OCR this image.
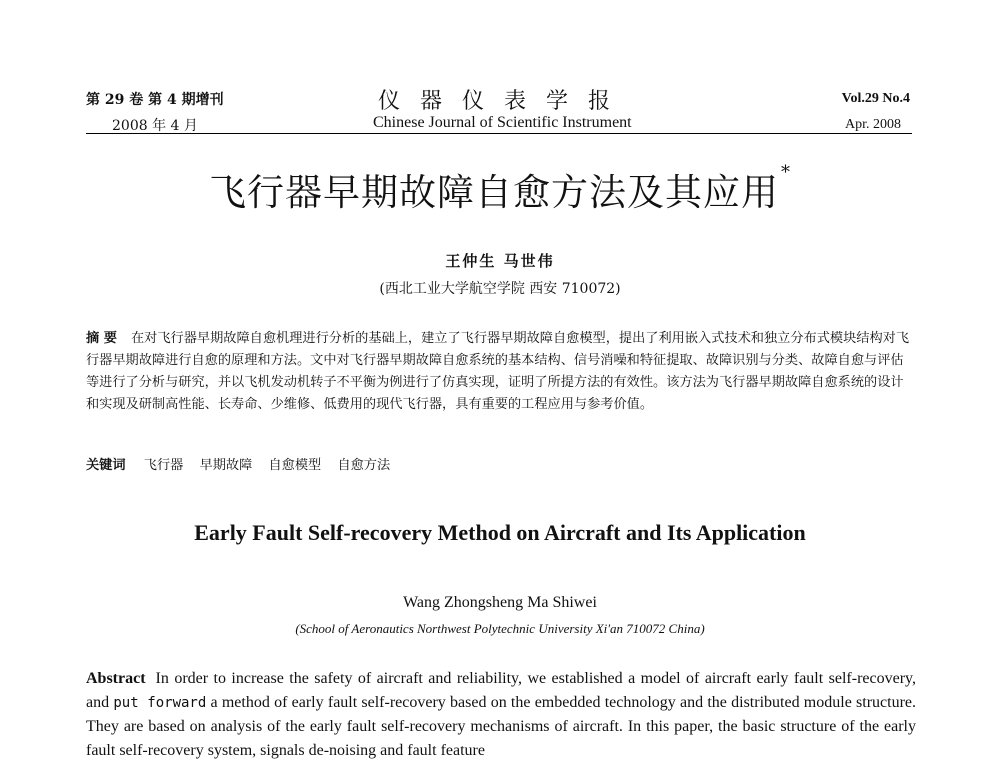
第 29 卷 第 4 期增刊
2008 年 4 月
仪器仪表学报
Chinese Journal of Scientific Instrument
Vol.29 No.4
Apr. 2008
飞行器早期故障自愈方法及其应用 *
王仲生 马世伟
(西北工业大学航空学院 西安 710072)
摘 要 在对飞行器早期故障自愈机理进行分析的基础上，建立了飞行器早期故障自愈模型，提出了利用嵌入式技术和独立分布式模块结构对飞行器早期故障进行自愈的原理和方法。文中对飞行器早期故障自愈系统的基本结构、信号消噪和特征提取、故障识别与分类、故障自愈与评估等进行了分析与研究，并以飞机发动机转子不平衡为例进行了仿真实现，证明了所提方法的有效性。该方法为飞行器早期故障自愈系统的设计和实现及研制高性能、长寿命、少维修、低费用的现代飞行器，具有重要的工程应用与参考价值。
关键词 飞行器 早期故障 自愈模型 自愈方法
Early Fault Self-recovery Method on Aircraft and Its Application
Wang Zhongsheng Ma Shiwei
(School of Aeronautics Northwest Polytechnic University Xi'an 710072 China)
Abstract In order to increase the safety of aircraft and reliability, we established a model of aircraft early fault self-recovery, and put forward a method of early fault self-recovery based on the embedded technology and the distributed module structure. They are based on analysis of the early fault self-recovery mechanisms of aircraft. In this paper, the basic structure of the early fault self-recovery system, signals de-noising and fault feature
